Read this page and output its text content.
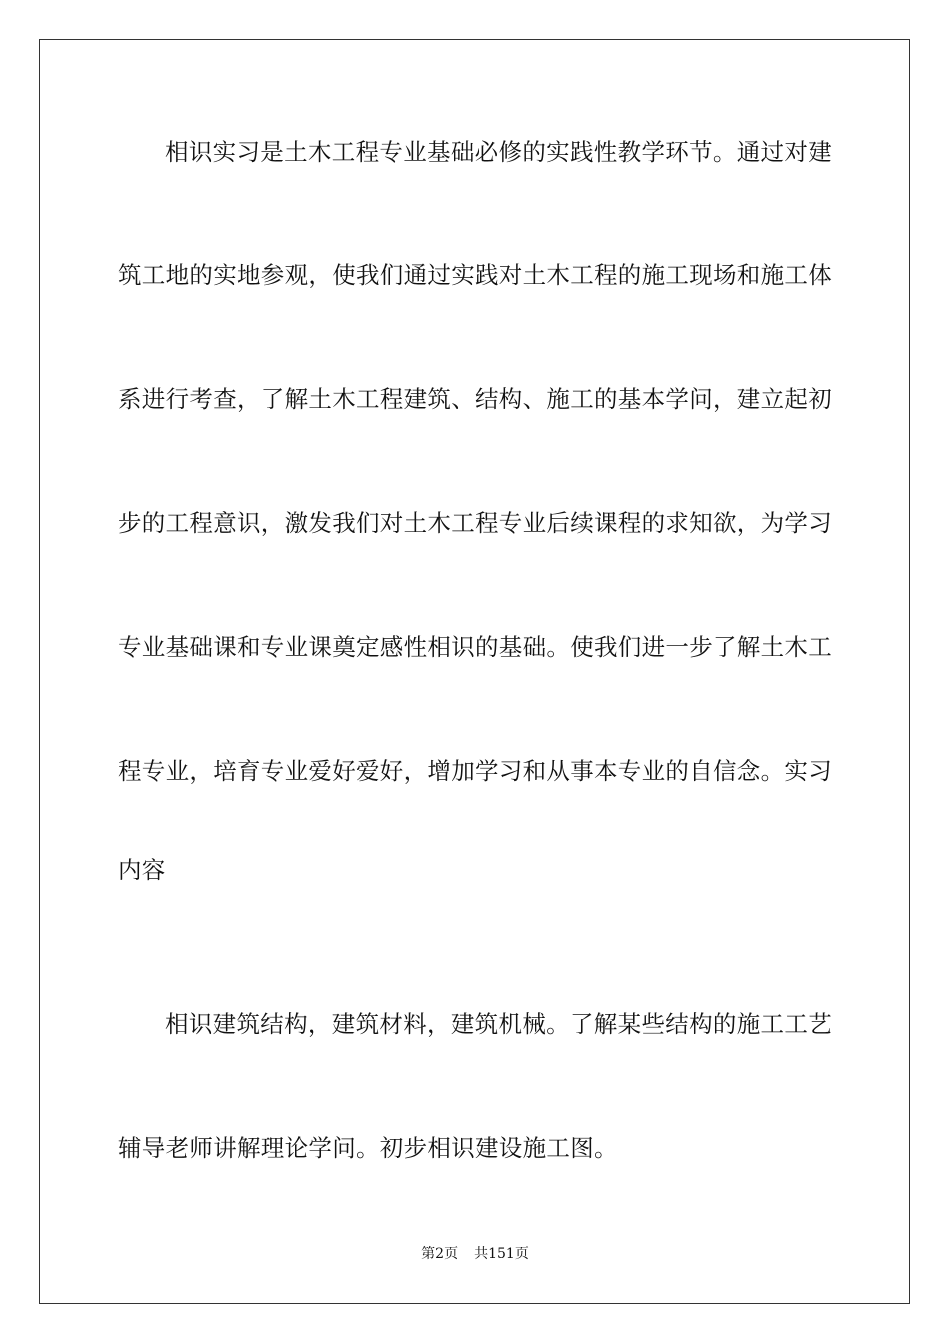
相识实习是土木工程专业基础必修的实践性教学环节。通过对建
筑工地的实地参观，使我们通过实践对土木工程的施工现场和施工体
系进行考查，了解土木工程建筑、结构、施工的基本学问，建立起初
步的工程意识，激发我们对土木工程专业后续课程的求知欲，为学习
专业基础课和专业课奠定感性相识的基础。使我们进一步了解土木工
程专业，培育专业爱好爱好，增加学习和从事本专业的自信念。实习
内容
相识建筑结构，建筑材料，建筑机械。了解某些结构的施工工艺
辅导老师讲解理论学问。初步相识建设施工图。
第2页 共151页
